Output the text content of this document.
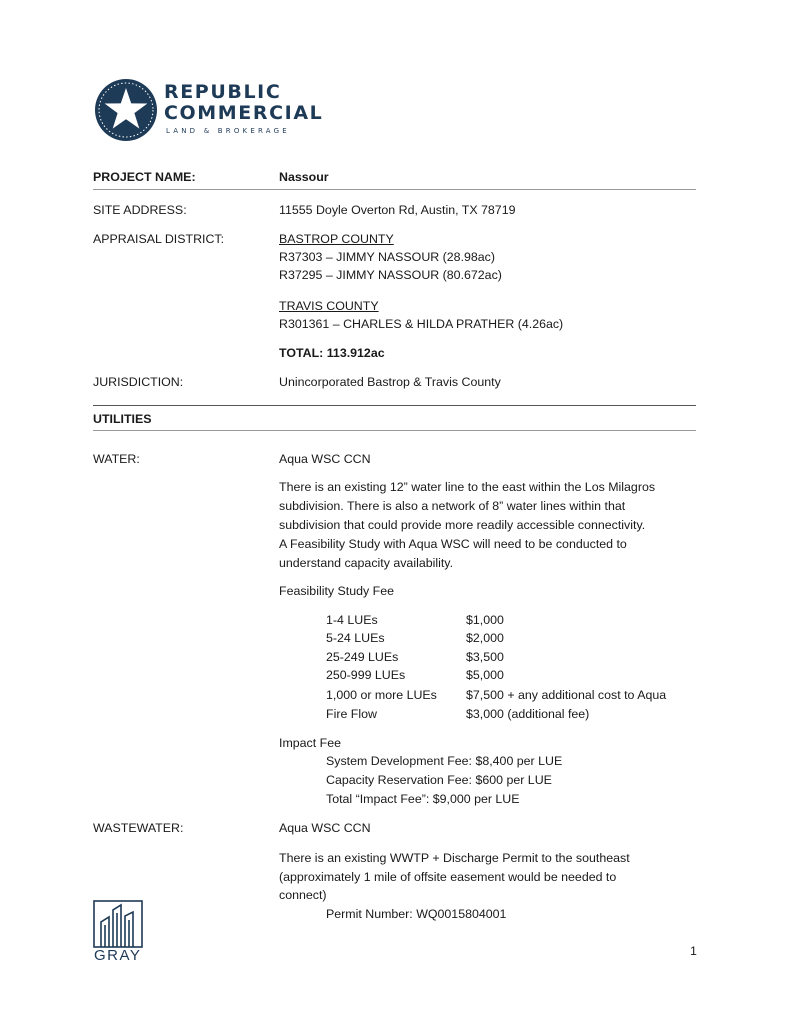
REPUBLIC
COMMERCIAL
LAND & BROKERAGE
PROJECT NAME:	Nassour
SITE ADDRESS:	11555 Doyle Overton Rd, Austin, TX 78719
APPRAISAL DISTRICT:	BASTROP COUNTY
R37303 – JIMMY NASSOUR (28.98ac)
R37295 – JIMMY NASSOUR (80.672ac)
TRAVIS COUNTY
R301361 – CHARLES & HILDA PRATHER (4.26ac)
TOTAL: 113.912ac
JURISDICTION:	Unincorporated Bastrop & Travis County
UTILITIES
WATER:	Aqua WSC CCN
There is an existing 12” water line to the east within the Los Milagros
subdivision. There is also a network of 8” water lines within that
subdivision that could provide more readily accessible connectivity.
A Feasibility Study with Aqua WSC will need to be conducted to
understand capacity availability.
Feasibility Study Fee
1-4 LUEs	$1,000
5-24 LUEs	$2,000
25-249 LUEs	$3,500
250-999 LUEs	$5,000
1,000 or more LUEs $7,500 + any additional cost to Aqua
Fire Flow	$3,000 (additional fee)
Impact Fee
System Development Fee: $8,400 per LUE
Capacity Reservation Fee: $600 per LUE
Total “Impact Fee”: $9,000 per LUE
WASTEWATER:	Aqua WSC CCN
There is an existing WWTP + Discharge Permit to the southeast
(approximately 1 mile of offsite easement would be needed to
connect)
Permit Number: WQ0015804001
GRAY	1
